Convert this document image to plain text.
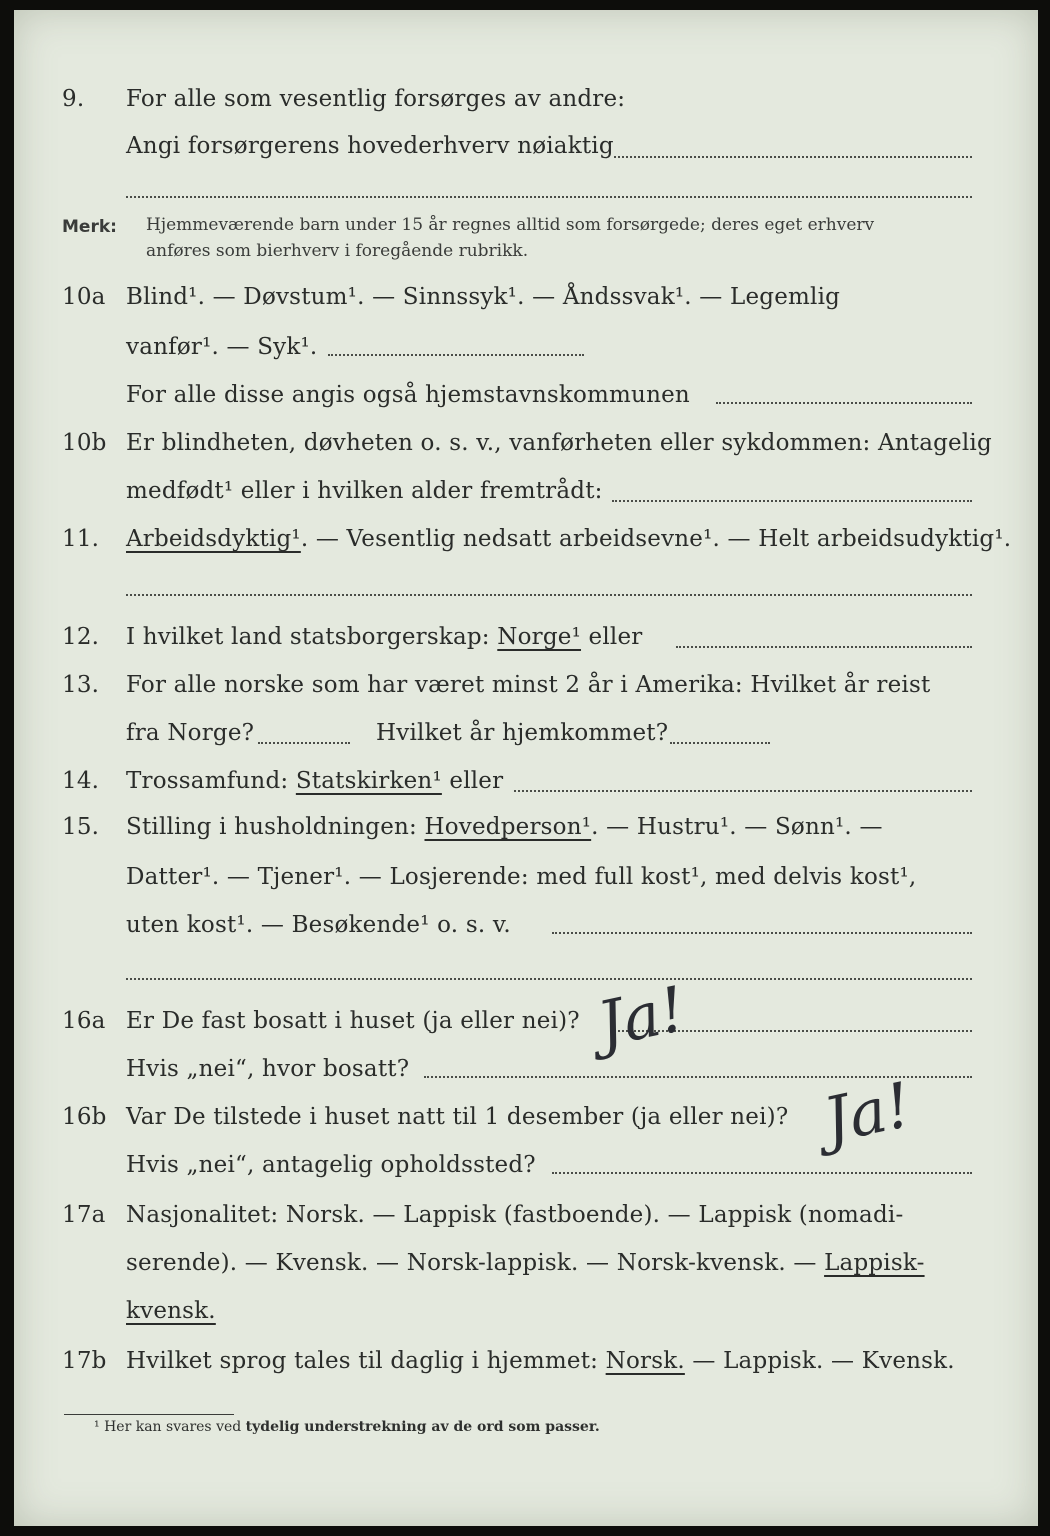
9. For alle som vesentlig forsørges av andre:
Angi forsørgerens hovederhverv nøiaktig
Merk: Hjemmeværende barn under 15 år regnes alltid som forsørgede; deres eget erhverv
anføres som bierhverv i foregående rubrikk.
10a Blind¹. — Døvstum¹. — Sinnssyk¹. — Åndssvak¹. — Legemlig
vanfør¹. — Syk¹.
For alle disse angis også hjemstavnskommunen
10b Er blindheten, døvheten o. s. v., vanførheten eller sykdommen: Antagelig
medfødt¹ eller i hvilken alder fremtrådt:
11. Arbeidsdyktig¹. — Vesentlig nedsatt arbeidsevne¹. — Helt arbeidsudyktig¹.
12. I hvilket land statsborgerskap: Norge¹ eller
13. For alle norske som har været minst 2 år i Amerika: Hvilket år reist
fra Norge?	Hvilket år hjemkommet?
14. Trossamfund: Statskirken¹ eller
15. Stilling i husholdningen: Hovedperson¹. — Hustru¹. — Sønn¹. —
Datter¹. — Tjener¹. — Losjerende: med full kost¹, med delvis kost¹,
uten kost¹. — Besøkende¹ o. s. v.
16a Er De fast bosatt i huset (ja eller nei)? Ja!
Hvis „nei“, hvor bosatt?
16b Var De tilstede i huset natt til 1 desember (ja eller nei)? Ja!
Hvis „nei“, antagelig opholdssted?
17a Nasjonalitet: Norsk. — Lappisk (fastboende). — Lappisk (nomadi-
serende). — Kvensk. — Norsk-lappisk. — Norsk-kvensk. — Lappisk-
kvensk.
17b Hvilket sprog tales til daglig i hjemmet: Norsk. — Lappisk. — Kvensk.
¹ Her kan svares ved tydelig understrekning av de ord som passer.
